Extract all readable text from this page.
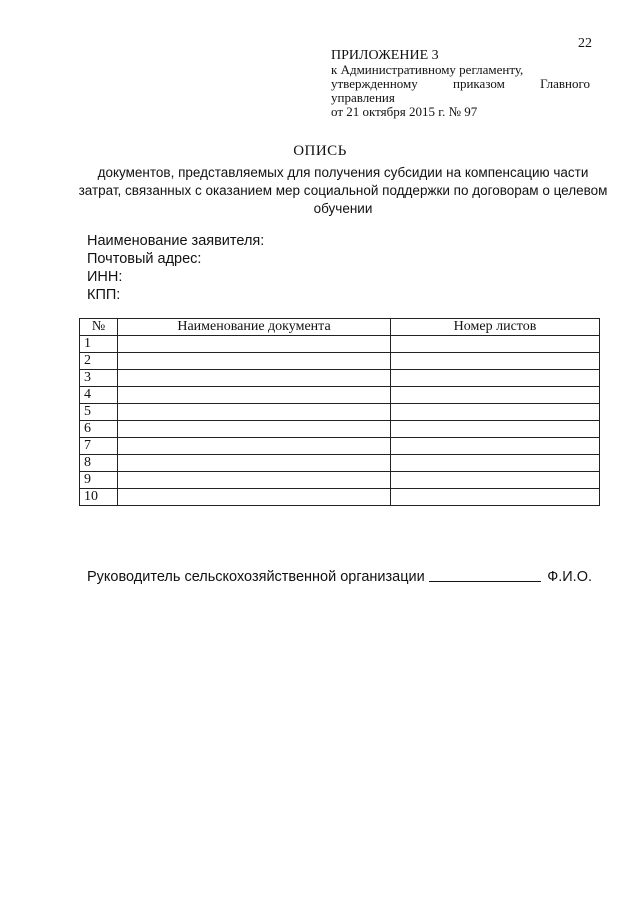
22
ПРИЛОЖЕНИЕ 3
к Административному регламенту,
утвержденному приказом Главного
управления
от 21 октября 2015 г. № 97
ОПИСЬ
документов, представляемых для получения субсидии на компенсацию части затрат, связанных с оказанием мер социальной поддержки по договорам о целевом обучении
Наименование заявителя:
Почтовый адрес:
ИНН:
КПП:
№	Наименование документа	Номер листов
1		
2		
3		
4		
5		
6		
7		
8		
9		
10		
Руководитель сельскохозяйственной организации	Ф.И.О.
